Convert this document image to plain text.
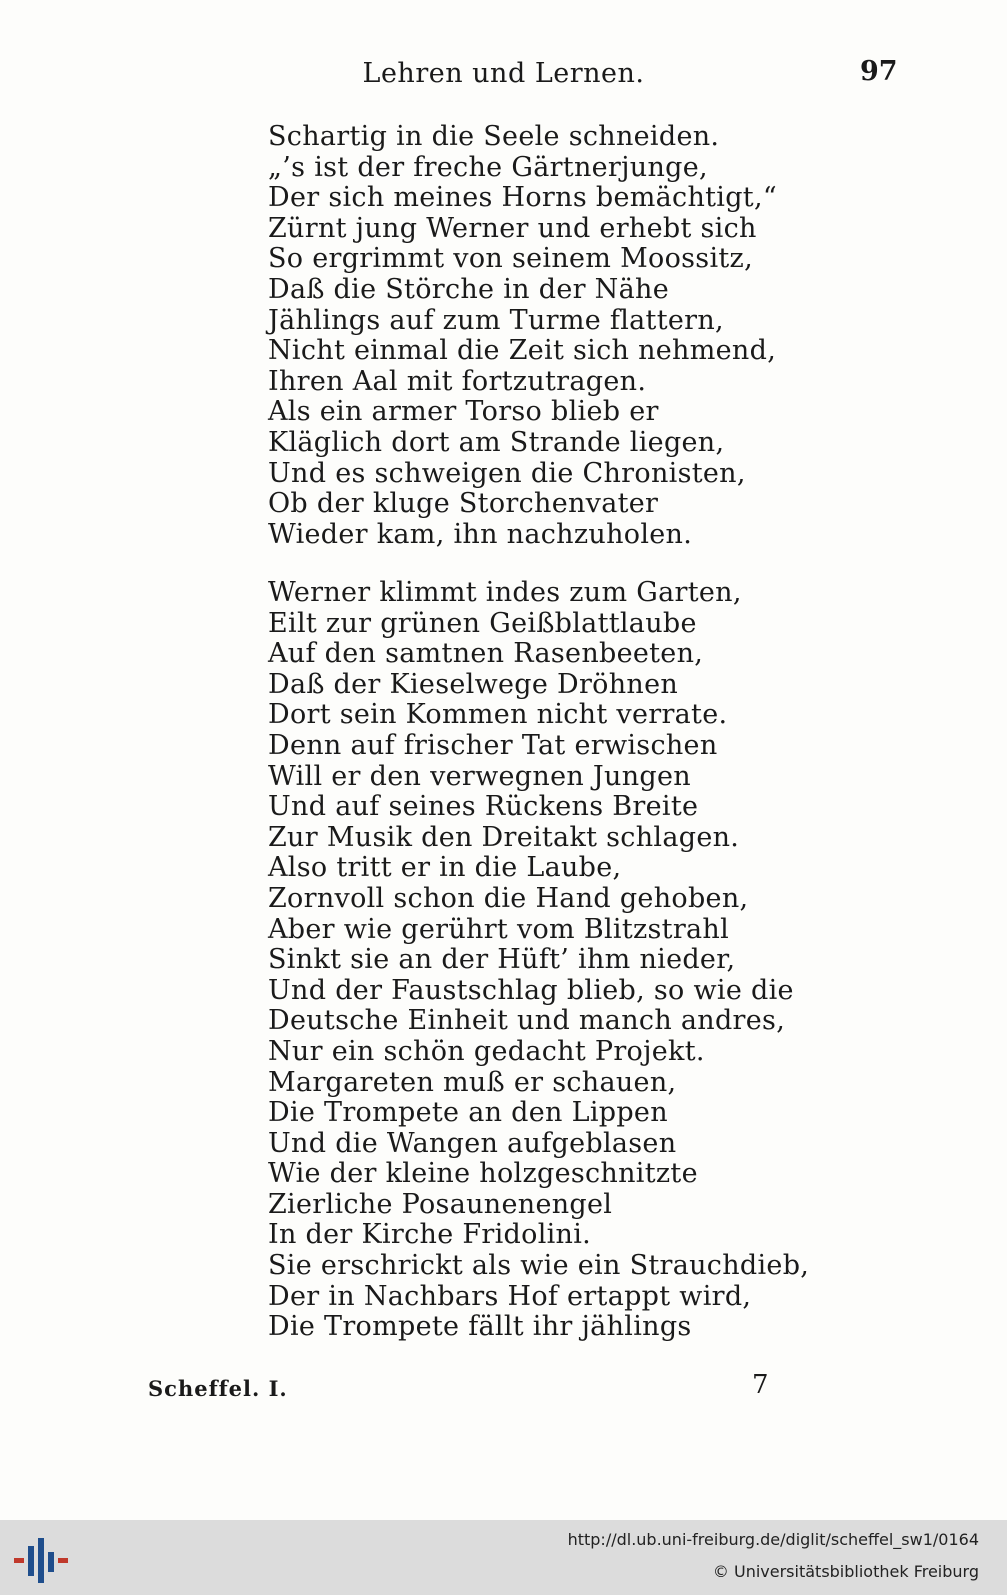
Lehren und Lernen.	97
Schartig in die Seele schneiden.
„’s ist der freche Gärtnerjunge,
Der sich meines Horns bemächtigt,“
Zürnt jung Werner und erhebt sich
So ergrimmt von seinem Moossitz,
Daß die Störche in der Nähe
Jählings auf zum Turme flattern,
Nicht einmal die Zeit sich nehmend,
Ihren Aal mit fortzutragen.
Als ein armer Torso blieb er
Kläglich dort am Strande liegen,
Und es schweigen die Chronisten,
Ob der kluge Storchenvater
Wieder kam, ihn nachzuholen.
Werner klimmt indes zum Garten,
Eilt zur grünen Geißblattlaube
Auf den samtnen Rasenbeeten,
Daß der Kieselwege Dröhnen
Dort sein Kommen nicht verrate.
Denn auf frischer Tat erwischen
Will er den verwegnen Jungen
Und auf seines Rückens Breite
Zur Musik den Dreitakt schlagen.
Also tritt er in die Laube,
Zornvoll schon die Hand gehoben,
Aber wie gerührt vom Blitzstrahl
Sinkt sie an der Hüft’ ihm nieder,
Und der Faustschlag blieb, so wie die
Deutsche Einheit und manch andres,
Nur ein schön gedacht Projekt.
Margareten muß er schauen,
Die Trompete an den Lippen
Und die Wangen aufgeblasen
Wie der kleine holzgeschnitzte
Zierliche Posaunenengel
In der Kirche Fridolini.
Sie erschrickt als wie ein Strauchdieb,
Der in Nachbars Hof ertappt wird,
Die Trompete fällt ihr jählings
Scheffel. I.	7
http://dl.ub.uni-freiburg.de/diglit/scheffel_sw1/0164
© Universitätsbibliothek Freiburg
